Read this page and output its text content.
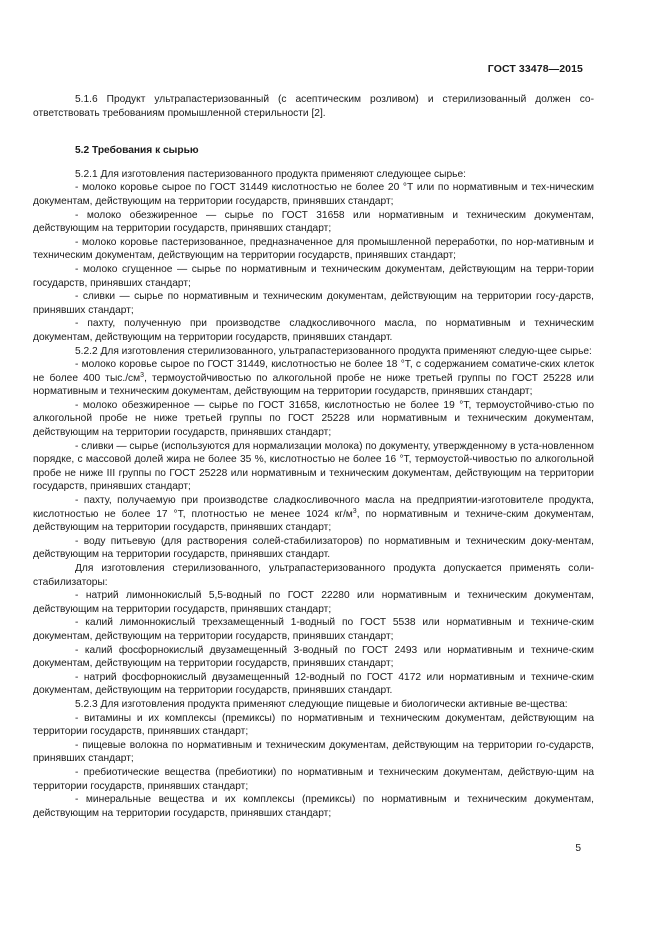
ГОСТ 33478—2015

5.1.6 Продукт ультрапастеризованный (с асептическим розливом) и стерилизованный должен со-ответствовать требованиям промышленной стерильности [2].

5.2 Требования к сырью

5.2.1 Для изготовления пастеризованного продукта применяют следующее сырье:

- молоко коровье сырое по ГОСТ 31449 кислотностью не более 20 °Т или по нормативным и тех-ническим документам, действующим на территории государств, принявших стандарт;

- молоко обезжиренное — сырье по ГОСТ 31658 или нормативным и техническим документам, действующим на территории государств, принявших стандарт;

- молоко коровье пастеризованное, предназначенное для промышленной переработки, по нор-мативным и техническим документам, действующим на территории государств, принявших стандарт;

- молоко сгущенное — сырье по нормативным и техническим документам, действующим на терри-тории государств, принявших стандарт;

- сливки — сырье по нормативным и техническим документам, действующим на территории госу-дарств, принявших стандарт;

- пахту, полученную при производстве сладкосливочного масла, по нормативным и техническим документам, действующим на территории государств, принявших стандарт.

5.2.2 Для изготовления стерилизованного, ультрапастеризованного продукта применяют следую-щее сырье:

- молоко коровье сырое по ГОСТ 31449, кислотностью не более 18 °Т, с содержанием соматиче-ских клеток не более 400 $тыс./см^3$, термоустойчивостью по алкогольной пробе не ниже третьей группы по ГОСТ 25228 или нормативным и техническим документам, действующим на территории государств, принявших стандарт;

- молоко обезжиренное — сырье по ГОСТ 31658, кислотностью не более 19 °Т, термоустойчиво-стью по алкогольной пробе не ниже третьей группы по ГОСТ 25228 или нормативным и техническим документам, действующим на территории государств, принявших стандарт;

- сливки — сырье (используются для нормализации молока) по документу, утвержденному в уста-новленном порядке, с массовой долей жира не более 35 %, кислотностью не более 16 °Т, термоустой-чивостью по алкогольной пробе не ниже III группы по ГОСТ 25228 или нормативным и техническим документам, действующим на территории государств, принявших стандарт;

- пахту, получаемую при производстве сладкосливочного масла на предприятии-изготовителе продукта, кислотностью не более 17 °Т, плотностью не менее 1024 $кг/м^3$, по нормативным и техниче-ским документам, действующим на территории государств, принявших стандарт;

- воду питьевую (для растворения солей-стабилизаторов) по нормативным и техническим доку-ментам, действующим на территории государств, принявших стандарт.

Для изготовления стерилизованного, ультрапастеризованного продукта допускается применять соли-стабилизаторы:

- натрий лимоннокислый 5,5-водный по ГОСТ 22280 или нормативным и техническим документам, действующим на территории государств, принявших стандарт;

- калий лимоннокислый трехзамещенный 1-водный по ГОСТ 5538 или нормативным и техниче-ским документам, действующим на территории государств, принявших стандарт;

- калий фосфорнокислый двузамещенный 3-водный по ГОСТ 2493 или нормативным и техниче-ским документам, действующим на территории государств, принявших стандарт;

- натрий фосфорнокислый двузамещенный 12-водный по ГОСТ 4172 или нормативным и техниче-ским документам, действующим на территории государств, принявших стандарт.

5.2.3 Для изготовления продукта применяют следующие пищевые и биологически активные ве-щества:

- витамины и их комплексы (премиксы) по нормативным и техническим документам, действующим на территории государств, принявших стандарт;

- пищевые волокна по нормативным и техническим документам, действующим на территории го-сударств, принявших стандарт;

- пребиотические вещества (пребиотики) по нормативным и техническим документам, действую-щим на территории государств, принявших стандарт;

- минеральные вещества и их комплексы (премиксы) по нормативным и техническим документам, действующим на территории государств, принявших стандарт;

5
